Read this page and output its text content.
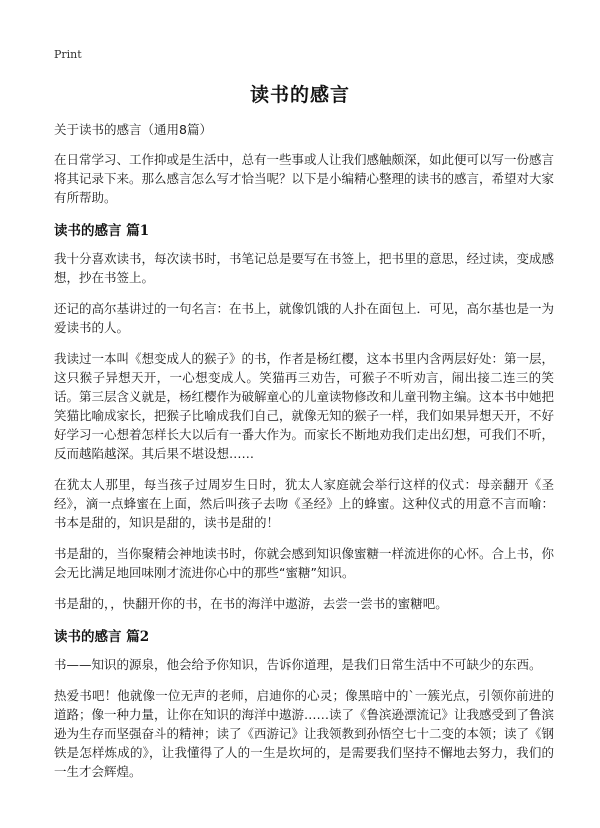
Print
读书的感言
关于读书的感言（通用8篇）

在日常学习、工作抑或是生活中，总有一些事或人让我们感触颇深，如此便可以写一份感言将其记录下来。那么感言怎么写才恰当呢？以下是小编精心整理的读书的感言，希望对大家有所帮助。

读书的感言 篇1

我十分喜欢读书，每次读书时，书笔记总是要写在书签上，把书里的意思，经过读，变成感想，抄在书签上。

还记的高尔基讲过的一句名言：在书上，就像饥饿的人扑在面包上．可见，高尔基也是一为爱读书的人。

我读过一本叫《想变成人的猴子》的书，作者是杨红樱，这本书里内含两层好处：第一层，这只猴子异想天开，一心想变成人。笑猫再三劝告，可猴子不听劝言，闹出接二连三的笑话。第三层含义就是，杨红樱作为破解童心的儿童读物修改和儿童刊物主编。这本书中她把笑猫比喻成家长，把猴子比喻成我们自己，就像无知的猴子一样，我们如果异想天开，不好好学习一心想着怎样长大以后有一番大作为。而家长不断地劝我们走出幻想，可我们不听，反而越陷越深。其后果不堪设想……

在犹太人那里，每当孩子过周岁生日时，犹太人家庭就会举行这样的仪式：母亲翻开《圣经》，滴一点蜂蜜在上面，然后叫孩子去吻《圣经》上的蜂蜜。这种仪式的用意不言而喻：书本是甜的，知识是甜的，读书是甜的！

书是甜的，当你聚精会神地读书时，你就会感到知识像蜜糖一样流进你的心怀。合上书，你会无比满足地回味刚才流进你心中的那些“蜜糖”知识。

书是甜的，，快翻开你的书，在书的海洋中遨游，去尝一尝书的蜜糖吧。

读书的感言 篇2

书——知识的源泉，他会给予你知识，告诉你道理，是我们日常生活中不可缺少的东西。

热爱书吧！他就像一位无声的老师，启迪你的心灵；像黑暗中的`一簇光点，引领你前进的道路；像一种力量，让你在知识的海洋中遨游……读了《鲁滨逊漂流记》让我感受到了鲁滨逊为生存而坚强奋斗的精神；读了《西游记》让我领教到孙悟空七十二变的本领；读了《钢铁是怎样炼成的》，让我懂得了人的一生是坎坷的，是需要我们坚持不懈地去努力，我们的一生才会辉煌。
